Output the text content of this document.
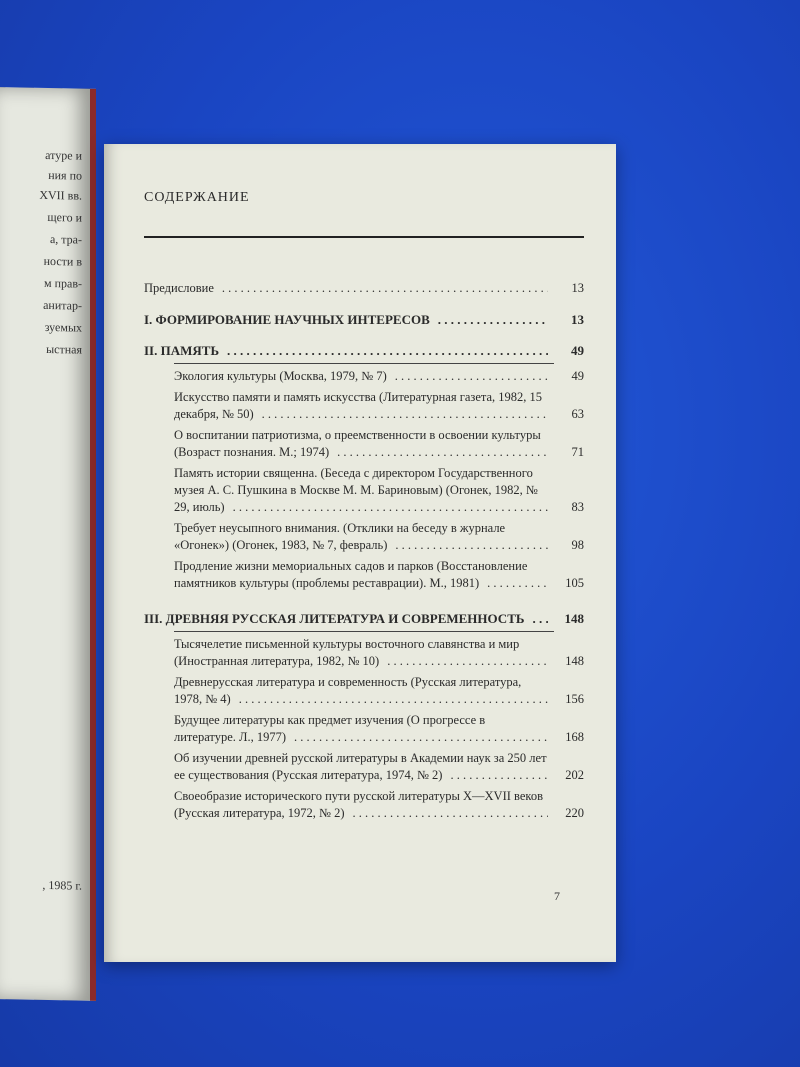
атуре и
ния по
XVII вв.
щего и
а, тра-
ности в
м прав-
анитар-
зуемых
ыстная
, 1985 г.
СОДЕРЖАНИЕ
Предисловие . . .	13
I. ФОРМИРОВАНИЕ НАУЧНЫХ ИНТЕРЕСОВ . . .	13
II. ПАМЯТЬ . . .	49
Экология культуры (Москва, 1979, № 7) . . .	49
Искусство памяти и память искусства (Литературная газета, 1982, 15 декабря, № 50) . . .	63
О воспитании патриотизма, о преемственности в освоении культуры (Возраст познания. М.; 1974) . . .	71
Память истории священна. (Беседа с директором Государственного музея А. С. Пушкина в Москве М. М. Бариновым) (Огонек, 1982, № 29, июль) . . .	83
Требует неусыпного внимания. (Отклики на беседу в журнале «Огонек») (Огонек, 1983, № 7, февраль) . . .	98
Продление жизни мемориальных садов и парков (Восстановление памятников культуры (проблемы реставрации). М., 1981) . . .	105
III. ДРЕВНЯЯ РУССКАЯ ЛИТЕРАТУРА И СОВРЕМЕННОСТЬ . . .	148
Тысячелетие письменной культуры восточного славянства и мир (Иностранная литература, 1982, № 10) . . .	148
Древнерусская литература и современность (Русская литература, 1978, № 4) . . .	156
Будущее литературы как предмет изучения (О прогрессе в литературе. Л., 1977) . . .	168
Об изучении древней русской литературы в Академии наук за 250 лет ее существования (Русская литература, 1974, № 2) . . .	202
Своеобразие исторического пути русской литературы X—XVII веков (Русская литература, 1972, № 2) . . .	220
7
